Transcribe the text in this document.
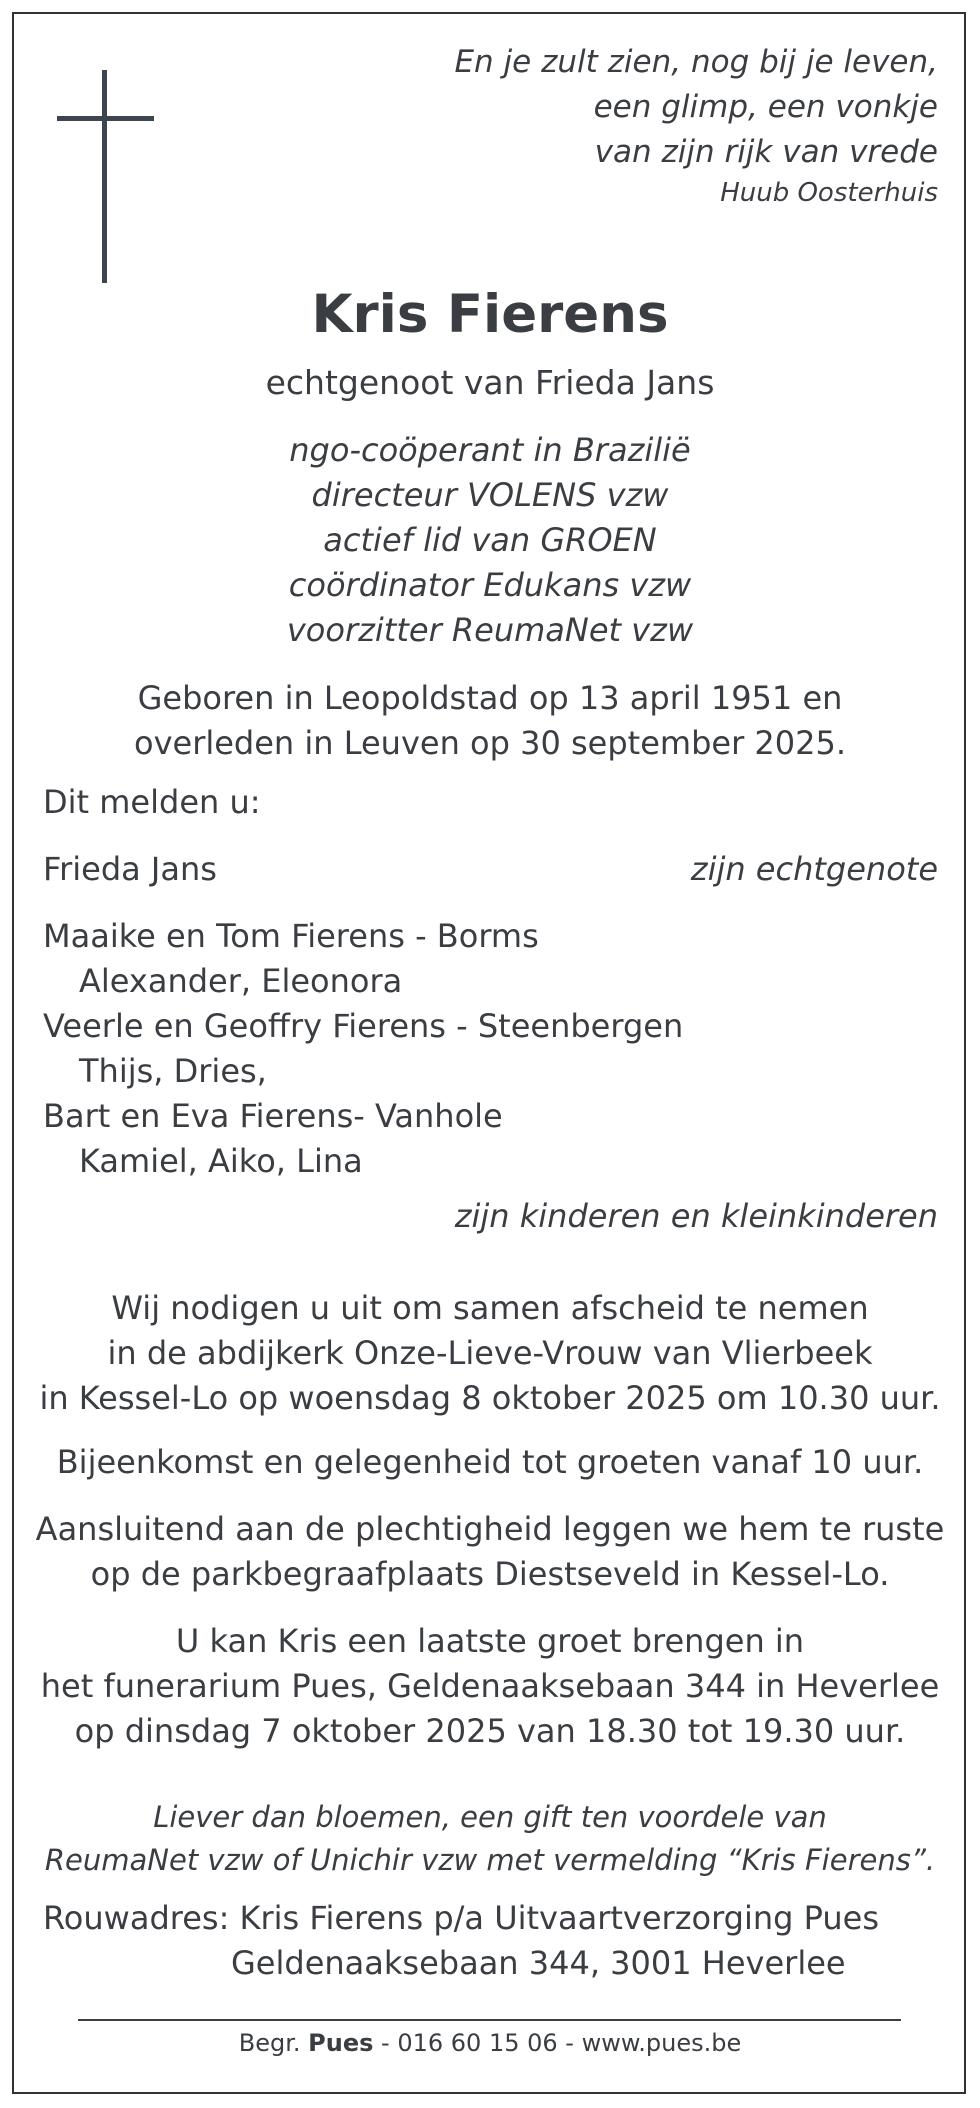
En je zult zien, nog bij je leven,
een glimp, een vonkje
van zijn rijk van vrede
Huub Oosterhuis
Kris Fierens
echtgenoot van Frieda Jans
ngo-coöperant in Brazilië
directeur VOLENS vzw
actief lid van GROEN
coördinator Edukans vzw
voorzitter ReumaNet vzw
Geboren in Leopoldstad op 13 april 1951 en
overleden in Leuven op 30 september 2025.
Dit melden u:
Frieda Jans	zijn echtgenote
Maaike en Tom Fierens - Borms
Alexander, Eleonora
Veerle en Geoffry Fierens - Steenbergen
Thijs, Dries,
Bart en Eva Fierens- Vanhole
Kamiel, Aiko, Lina
zijn kinderen en kleinkinderen
Wij nodigen u uit om samen afscheid te nemen
in de abdijkerk Onze-Lieve-Vrouw van Vlierbeek
in Kessel-Lo op woensdag 8 oktober 2025 om 10.30 uur.
Bijeenkomst en gelegenheid tot groeten vanaf 10 uur.
Aansluitend aan de plechtigheid leggen we hem te ruste
op de parkbegraafplaats Diestseveld in Kessel-Lo.
U kan Kris een laatste groet brengen in
het funerarium Pues, Geldenaaksebaan 344 in Heverlee
op dinsdag 7 oktober 2025 van 18.30 tot 19.30 uur.
Liever dan bloemen, een gift ten voordele van
ReumaNet vzw of Unichir vzw met vermelding “Kris Fierens”.
Rouwadres: Kris Fierens p/a Uitvaartverzorging Pues
Geldenaaksebaan 344, 3001 Heverlee
Begr. Pues - 016 60 15 06 - www.pues.be
